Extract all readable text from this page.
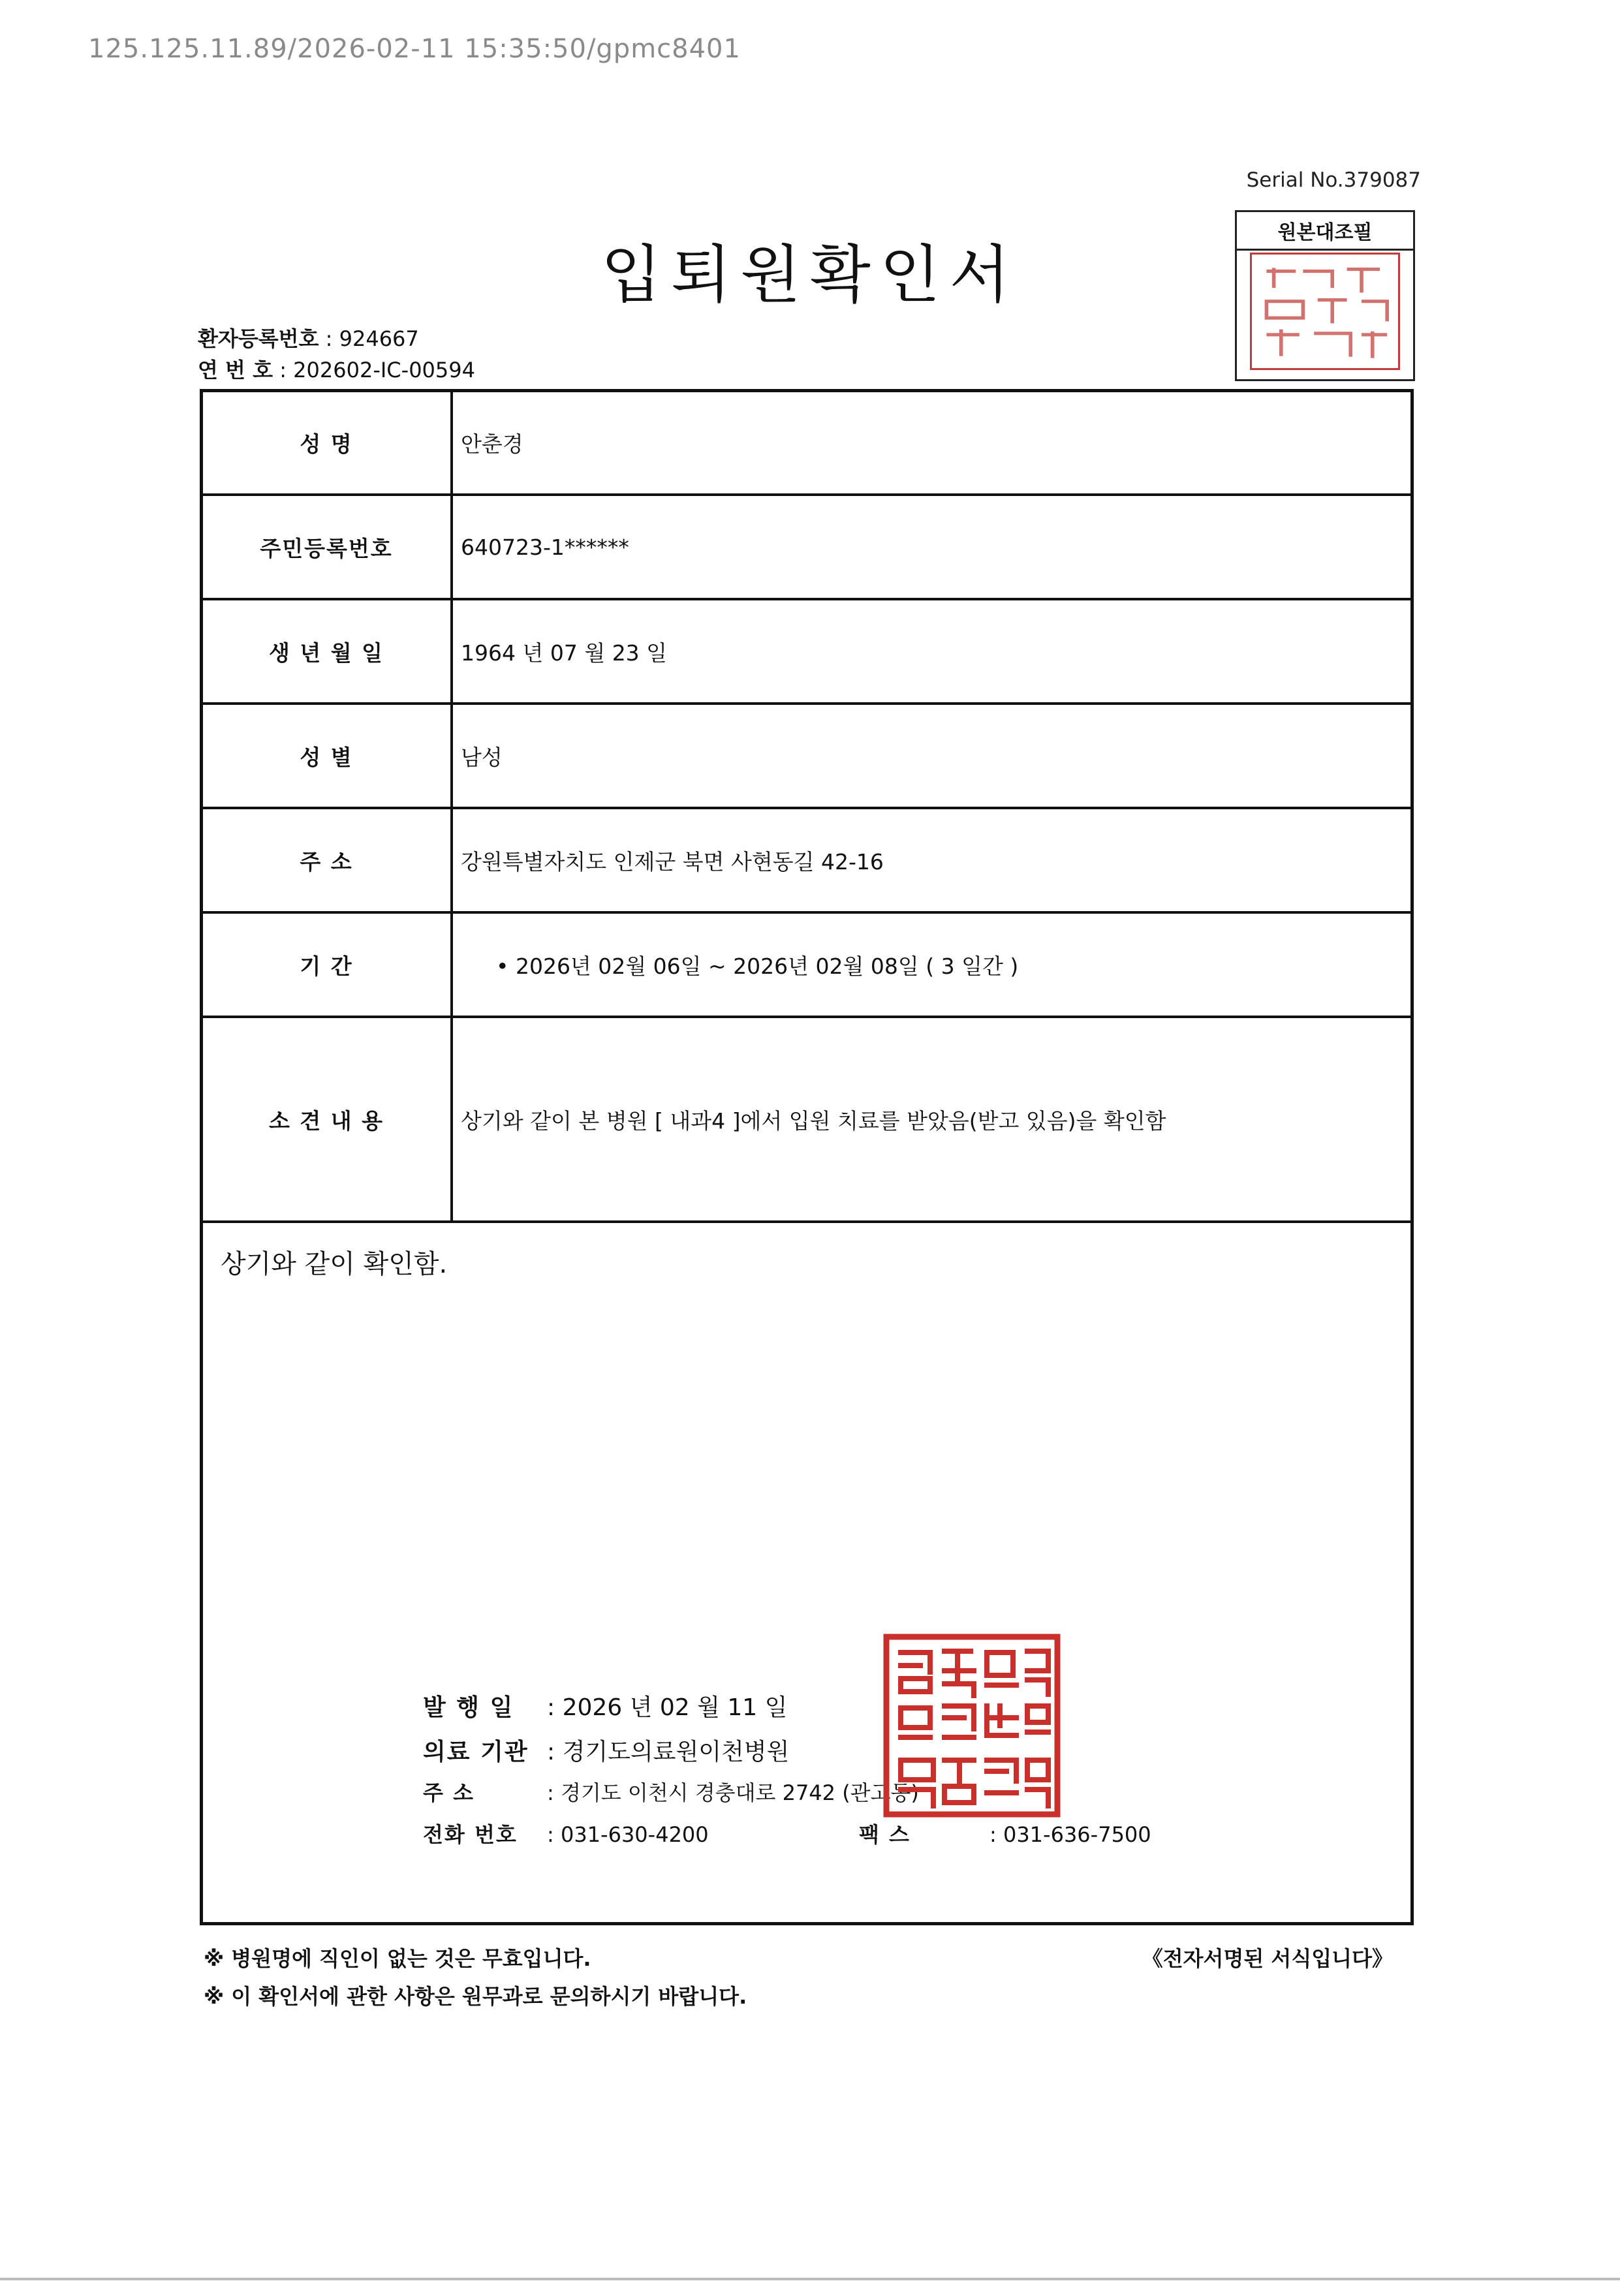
125.125.11.89/2026-02-11 15:35:50/gpmc8401
Serial No.379087
원본대조필
입퇴원확인서
환자등록번호 : 924667
연 번 호 : 202602-IC-00594
성 명	안춘경
주민등록번호	640723-1******
생 년 월 일	1964 년 07 월 23 일
성 별	남성
주 소	강원특별자치도 인제군 북면 사현동길 42-16
기 간	• 2026년 02월 06일 ~ 2026년 02월 08일 ( 3 일간 )
소 견 내 용	상기와 같이 본 병원 [ 내과4 ]에서 입원 치료를 받았음(받고 있음)을 확인함
상기와 같이 확인함.
발 행 일 : 2026 년 02 월 11 일
의료 기관 : 경기도의료원이천병원
주 소	: 경기도 이천시 경충대로 2742 (관고동)
전화 번호 : 031-630-4200	팩 스	: 031-636-7500
※ 병원명에 직인이 없는 것은 무효입니다.
※ 이 확인서에 관한 사항은 원무과로 문의하시기 바랍니다.
《전자서명된 서식입니다》
